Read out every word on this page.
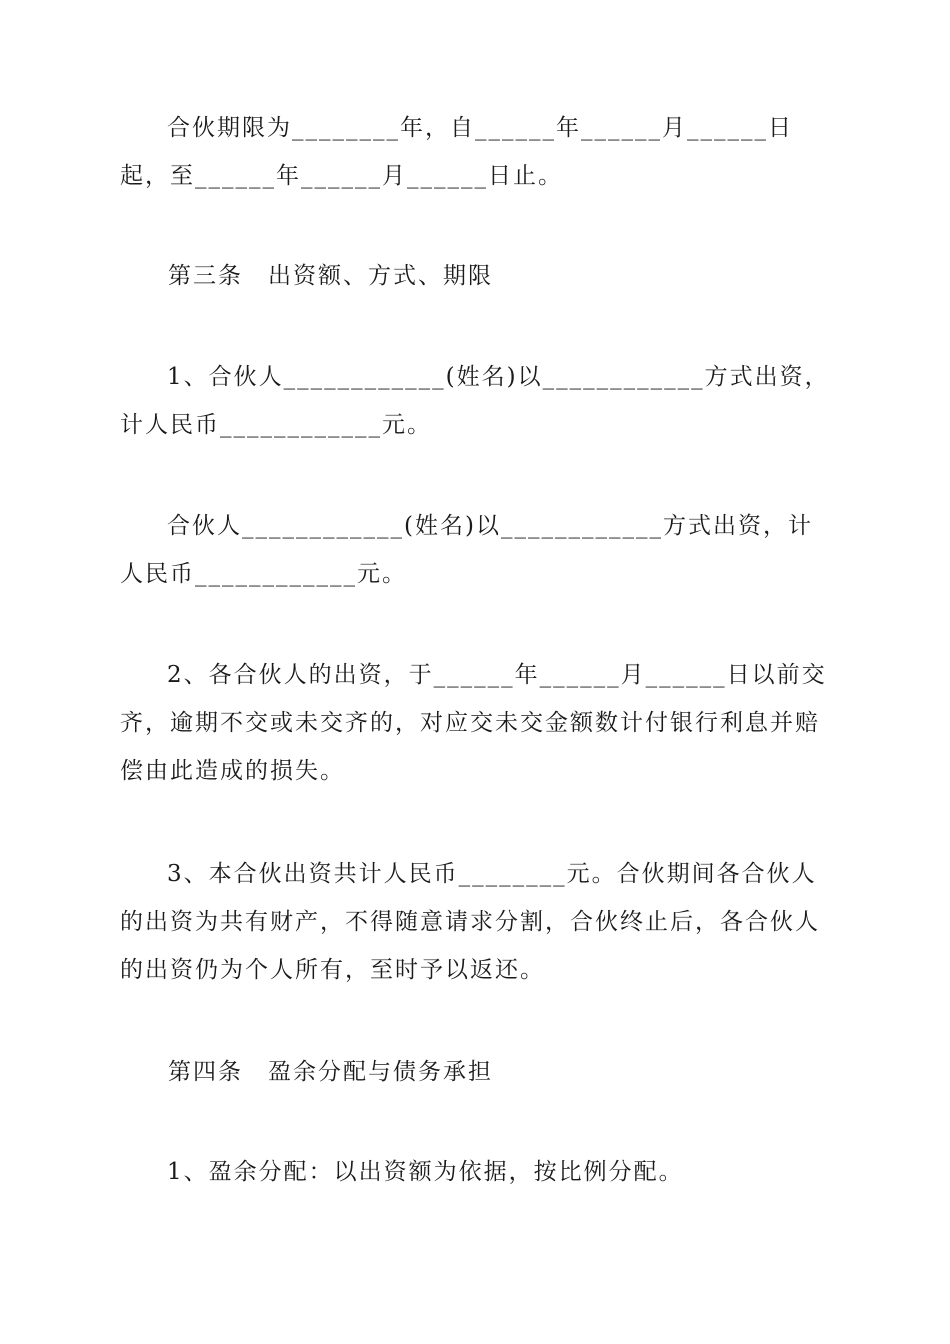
合伙期限为________年，自______年______月______日起，至______年______月______日止。

第三条　出资额、方式、期限

1、合伙人____________(姓名)以____________方式出资，计人民币____________元。

合伙人____________(姓名)以____________方式出资，计人民币____________元。

2、各合伙人的出资，于______年______月______日以前交齐，逾期不交或未交齐的，对应交未交金额数计付银行利息并赔偿由此造成的损失。

3、本合伙出资共计人民币________元。合伙期间各合伙人的出资为共有财产，不得随意请求分割，合伙终止后，各合伙人的出资仍为个人所有，至时予以返还。

第四条　盈余分配与债务承担

1、盈余分配：以出资额为依据，按比例分配。
